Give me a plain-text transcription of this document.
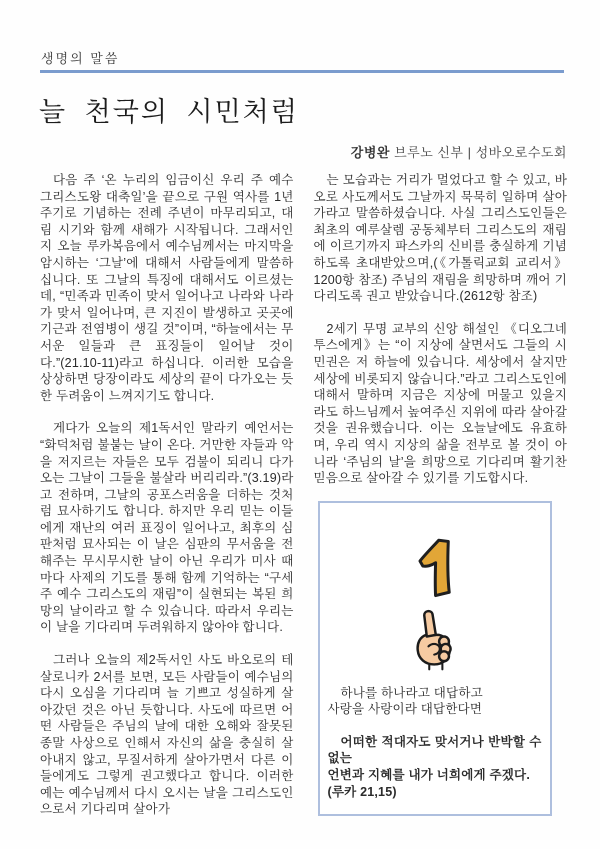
생명의 말씀
늘 천국의 시민처럼
강병완 브루노 신부 | 성바오로수도회

다음 주 ‘온 누리의 임금이신 우리 주 예수 그리스도왕 대축일’을 끝으로 구원 역사를 1년 주기로 기념하는 전례 주년이 마무리되고, 대림 시기와 함께 새해가 시작됩니다. 그래서인지 오늘 루카복음에서 예수님께서는 마지막을 암시하는 ‘그날’에 대해서 사람들에게 말씀하십니다. 또 그날의 특징에 대해서도 이르셨는데, “민족과 민족이 맞서 일어나고 나라와 나라가 맞서 일어나며, 큰 지진이 발생하고 곳곳에 기근과 전염병이 생길 것”이며, “하늘에서는 무서운 일들과 큰 표징들이 일어날 것이다.”(21.10-11)라고 하십니다. 이러한 모습을 상상하면 당장이라도 세상의 끝이 다가오는 듯한 두려움이 느껴지기도 합니다.

게다가 오늘의 제1독서인 말라키 예언서는 “화덕처럼 불붙는 날이 온다. 거만한 자들과 악을 저지르는 자들은 모두 검불이 되리니 다가오는 그날이 그들을 불살라 버리리라.”(3.19)라고 전하며, 그날의 공포스러움을 더하는 것처럼 묘사하기도 합니다. 하지만 우리 믿는 이들에게 재난의 여러 표징이 일어나고, 최후의 심판처럼 묘사되는 이 날은 심판의 무서움을 전해주는 무시무시한 날이 아닌 우리가 미사 때마다 사제의 기도를 통해 함께 기억하는 “구세주 예수 그리스도의 재림”이 실현되는 복된 희망의 날이라고 할 수 있습니다. 따라서 우리는 이 날을 기다리며 두려워하지 않아야 합니다.

그러나 오늘의 제2독서인 사도 바오로의 테살로니카 2서를 보면, 모든 사람들이 예수님의 다시 오심을 기다리며 늘 기쁘고 성실하게 살아갔던 것은 아닌 듯합니다. 사도에 따르면 어떤 사람들은 주님의 날에 대한 오해와 잘못된 종말 사상으로 인해서 자신의 삶을 충실히 살아내지 않고, 무질서하게 살아가면서 다른 이들에게도 그렇게 권고했다고 합니다. 이러한 예는 예수님께서 다시 오시는 날을 그리스도인으로서 기다리며 살아가

는 모습과는 거리가 멀었다고 할 수 있고, 바오로 사도께서도 그날까지 묵묵히 일하며 살아가라고 말씀하셨습니다. 사실 그리스도인들은 최초의 예루살렘 공동체부터 그리스도의 재림에 이르기까지 파스카의 신비를 충실하게 기념하도록 초대받았으며,(《가톨릭교회 교리서》 1200항 참조) 주님의 재림을 희망하며 깨어 기다리도록 권고 받았습니다.(2612항 참조)

2세기 무명 교부의 신앙 해설인 《디오그네투스에게》는 “이 지상에 살면서도 그들의 시민권은 저 하늘에 있습니다. 세상에서 살지만 세상에 비롯되지 않습니다.”라고 그리스도인에 대해서 말하며 지금은 지상에 머물고 있을지 라도 하느님께서 높여주신 지위에 따라 살아갈 것을 권유했습니다. 이는 오늘날에도 유효하며, 우리 역시 지상의 삶을 전부로 볼 것이 아니라 ‘주님의 날’을 희망으로 기다리며 활기찬 믿음으로 살아갈 수 있기를 기도합시다.

하나를 하나라고 대답하고
사랑을 사랑이라 대답한다면

어떠한 적대자도 맞서거나 반박할 수 없는
언변과 지혜를 내가 너희에게 주겠다.
(루카 21,15)
